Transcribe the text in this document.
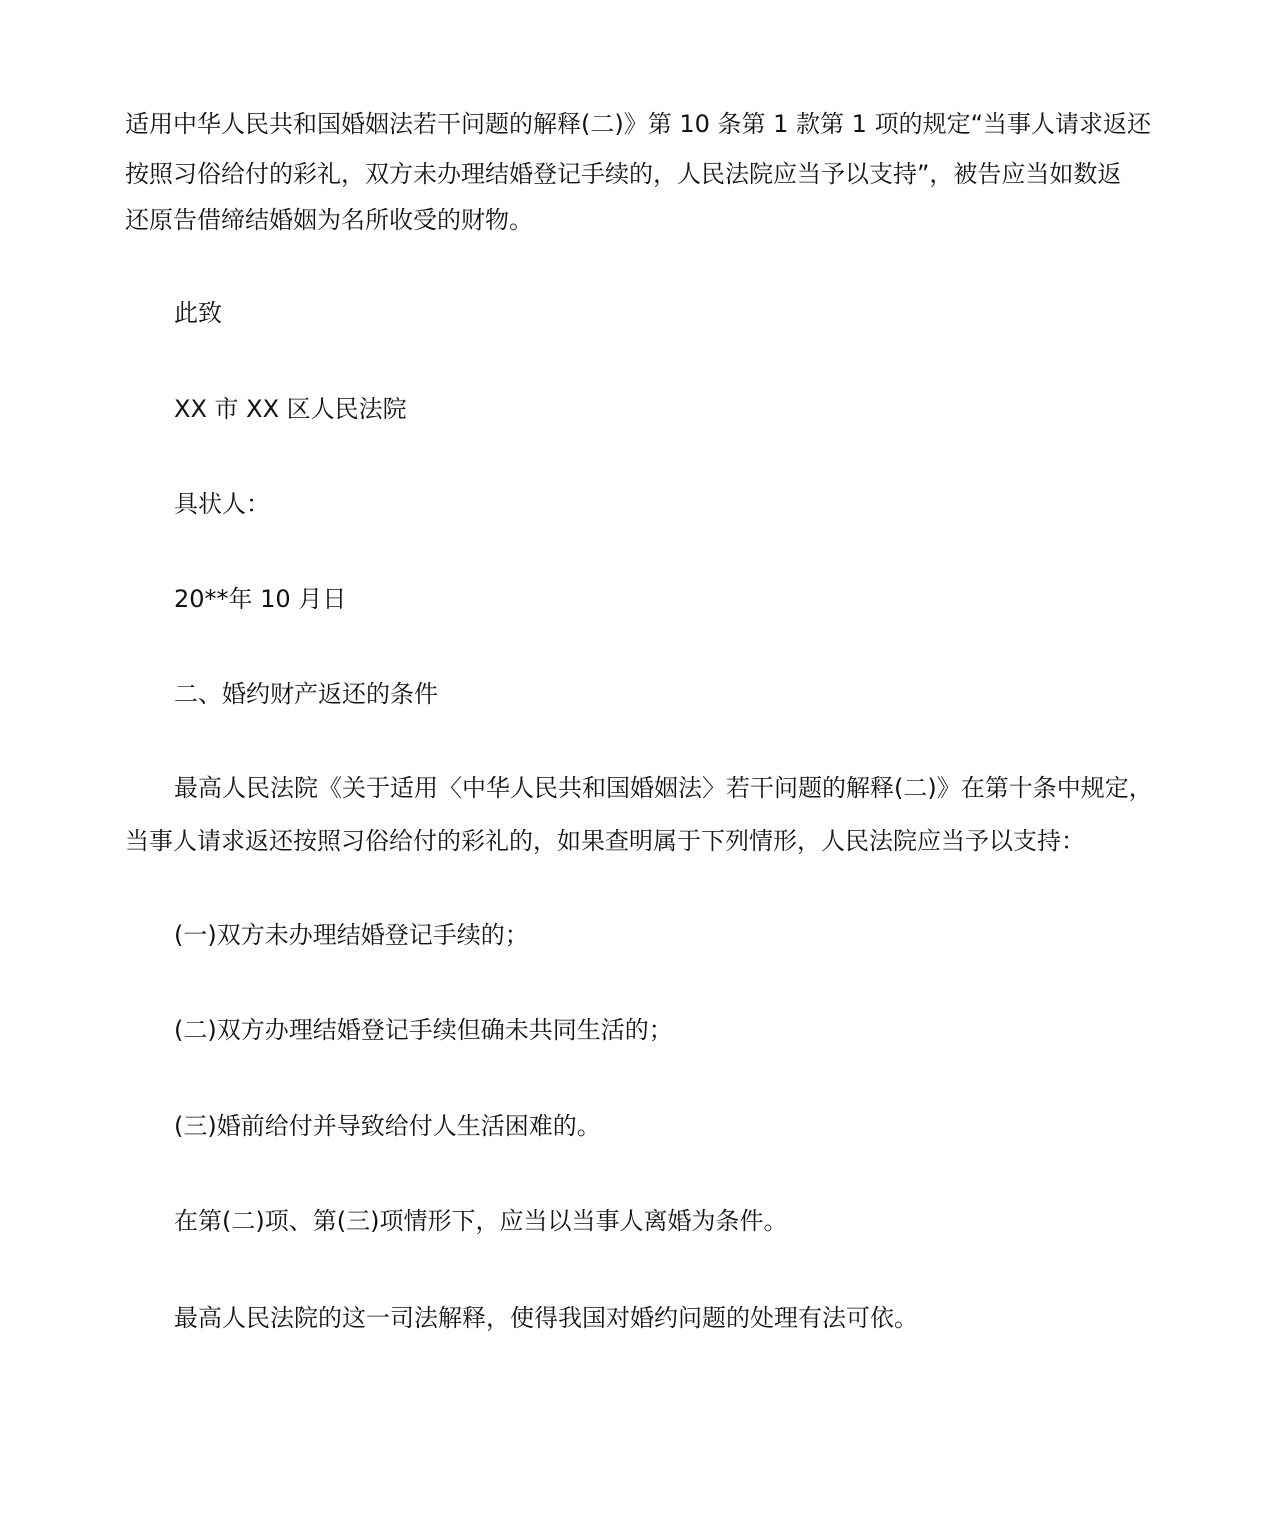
适用中华人民共和国婚姻法若干问题的解释(二)》第 10 条第 1 款第 1 项的规定“当事人请求返还
按照习俗给付的彩礼，双方未办理结婚登记手续的，人民法院应当予以支持”，被告应当如数返
还原告借缔结婚姻为名所收受的财物。
此致
XX 市 XX 区人民法院
具状人：
20**年 10 月日
二、婚约财产返还的条件
最高人民法院《关于适用〈中华人民共和国婚姻法〉若干问题的解释(二)》在第十条中规定，
当事人请求返还按照习俗给付的彩礼的，如果查明属于下列情形，人民法院应当予以支持：
(一)双方未办理结婚登记手续的；
(二)双方办理结婚登记手续但确未共同生活的；
(三)婚前给付并导致给付人生活困难的。
在第(二)项、第(三)项情形下，应当以当事人离婚为条件。
最高人民法院的这一司法解释，使得我国对婚约问题的处理有法可依。
